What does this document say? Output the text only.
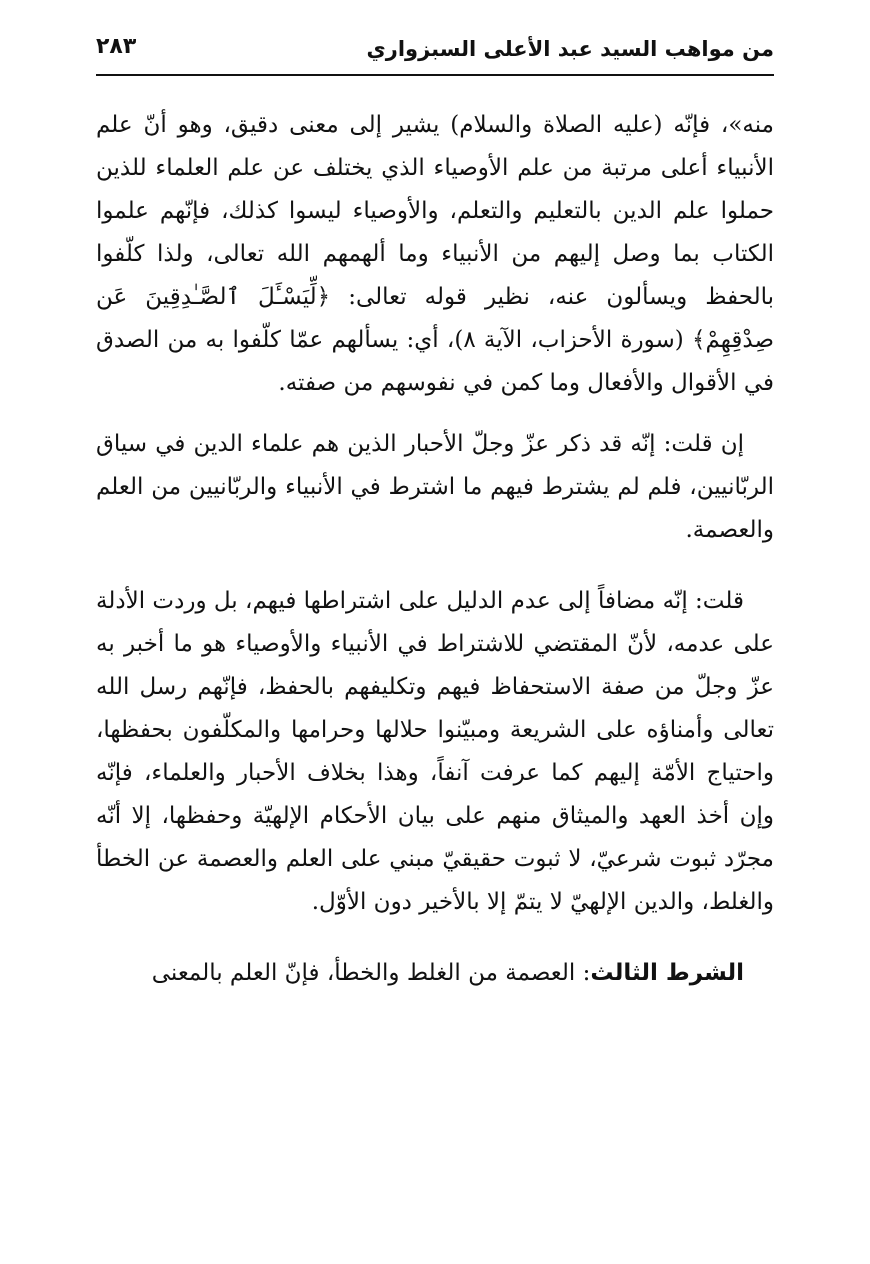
من مواهب السيد عبد الأعلى السبزواري
٢٨٣

منه»، فإنّه (عليه الصلاة والسلام) يشير إلى معنى دقيق، وهو أنّ علم الأنبياء أعلى مرتبة من علم الأوصياء الذي يختلف عن علم العلماء للذين حملوا علم الدين بالتعليم والتعلم، والأوصياء ليسوا كذلك، فإنّهم علموا الكتاب بما وصل إليهم من الأنبياء وما ألهمهم الله تعالى، ولذا كلّفوا بالحفظ ويسألون عنه، نظير قوله تعالى: ﴿لِّيَسْـَٔلَ ٱلصَّـٰدِقِينَ عَن صِدْقِهِمْ﴾ (سورة الأحزاب، الآية ٨)، أي: يسألهم عمّا كلّفوا به من الصدق في الأقوال والأفعال وما كمن في نفوسهم من صفته.

إن قلت: إنّه قد ذكر عزّ وجلّ الأحبار الذين هم علماء الدين في سياق الربّانيين، فلم لم يشترط فيهم ما اشترط في الأنبياء والربّانيين من العلم والعصمة.

قلت: إنّه مضافاً إلى عدم الدليل على اشتراطها فيهم، بل وردت الأدلة على عدمه، لأنّ المقتضي للاشتراط في الأنبياء والأوصياء هو ما أخبر به عزّ وجلّ من صفة الاستحفاظ فيهم وتكليفهم بالحفظ، فإنّهم رسل الله تعالى وأمناؤه على الشريعة ومبيّنوا حلالها وحرامها والمكلّفون بحفظها، واحتياج الأمّة إليهم كما عرفت آنفاً، وهذا بخلاف الأحبار والعلماء، فإنّه وإن أخذ العهد والميثاق منهم على بيان الأحكام الإلهيّة وحفظها، إلا أنّه مجرّد ثبوت شرعيّ، لا ثبوت حقيقيّ مبني على العلم والعصمة عن الخطأ والغلط، والدين الإلهيّ لا يتمّ إلا بالأخير دون الأوّل.

الشرط الثالث: العصمة من الغلط والخطأ، فإنّ العلم بالمعنى
